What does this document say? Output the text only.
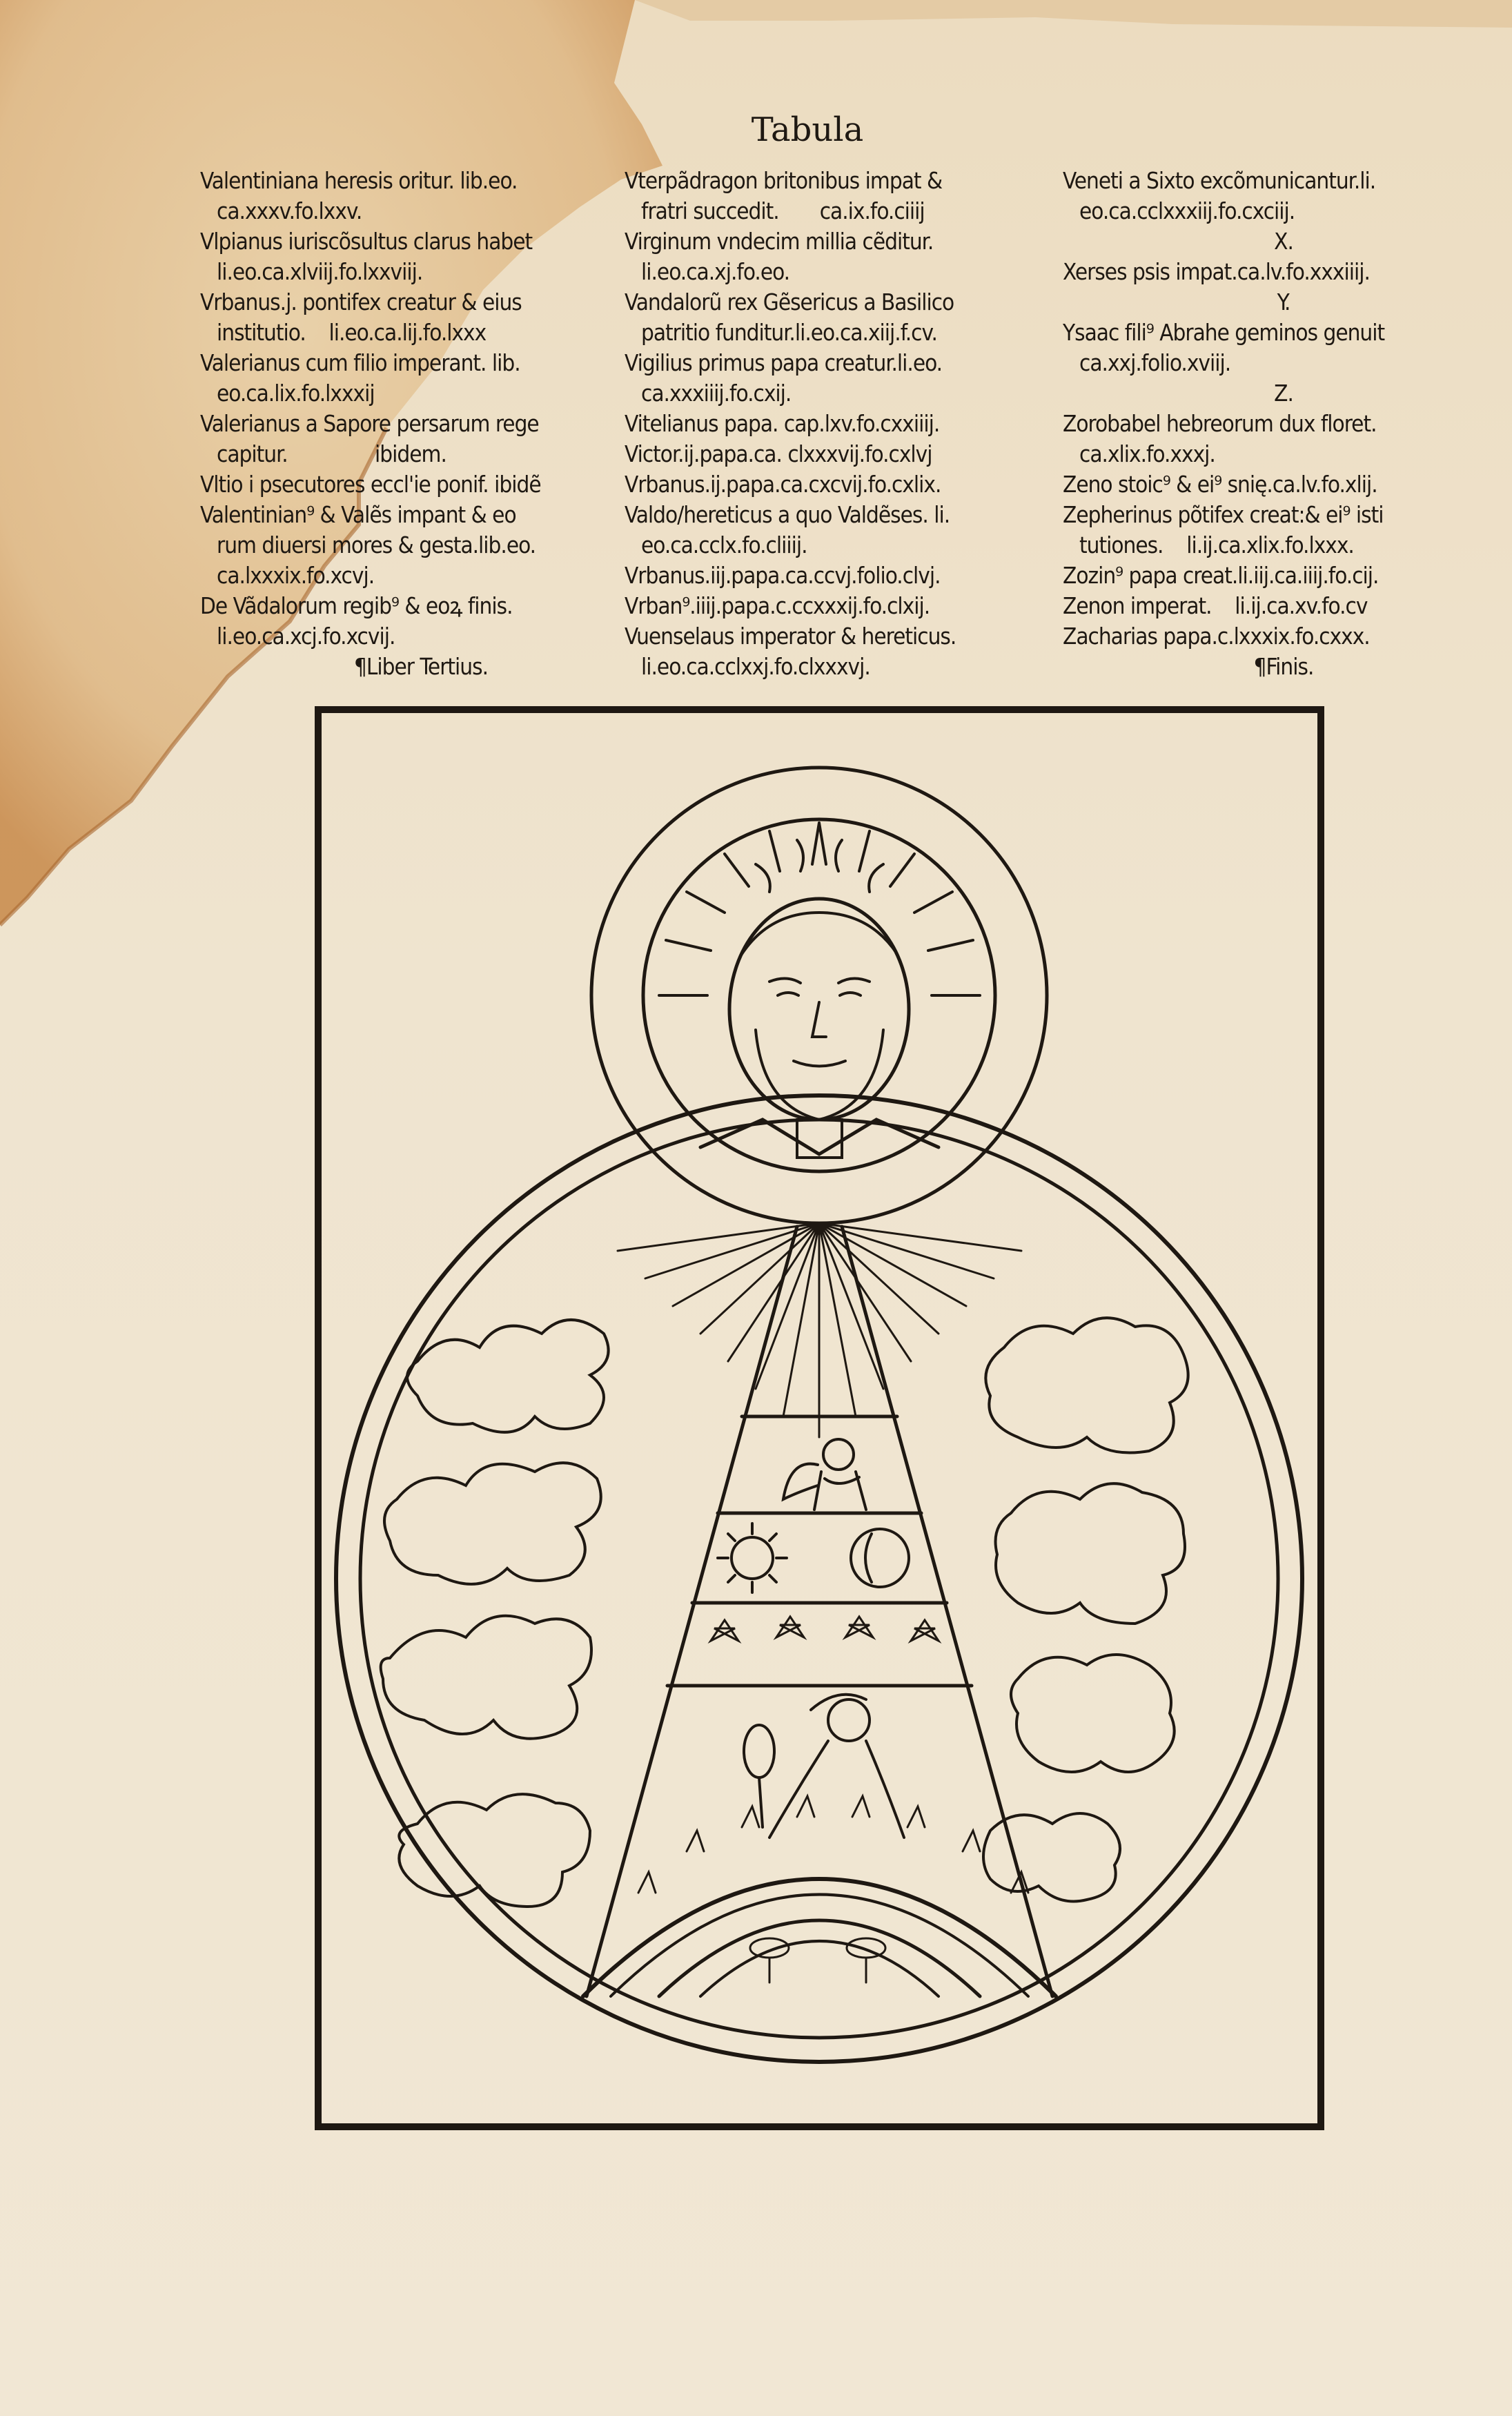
Tabula

Valentiniana heresis oritur. lib.eo.

ca.xxxv.fo.lxxv.

Vlpianus iuriscõsultus clarus habet

li.eo.ca.xlviij.fo.lxxviij.

Vrbanus.j. pontifex creatur & eius

institutio.    li.eo.ca.lij.fo.lxxx

Valerianus cum filio imperant. lib.

eo.ca.lix.fo.lxxxij

Valerianus a Sapore persarum rege

capitur.               ibidem.

Vltio i psecutores eccl'ie ponif. ibidẽ

Valentinian⁹ & Valẽs impant & eo

rum diuersi mores & gesta.lib.eo.

ca.lxxxix.fo.xcvj.

De Vãdalorum regib⁹ & eoꝝ finis.

li.eo.ca.xcj.fo.xcvij.

¶Liber Tertius.

Vterpãdragon britonibus impat &

fratri succedit.       ca.ix.fo.ciiij

Virginum vndecim millia cẽditur.

li.eo.ca.xj.fo.eo.

Vandalorũ rex Gẽsericus a Basilico

patritio funditur.li.eo.ca.xiij.f.cv.

Vigilius primus papa creatur.li.eo.

ca.xxxiiij.fo.cxij.

Vitelianus papa. cap.lxv.fo.cxxiiij.

Victor.ij.papa.ca. clxxxvij.fo.cxlvj

Vrbanus.ij.papa.ca.cxcvij.fo.cxlix.

Valdo/hereticus a quo Valdẽses. li.

eo.ca.cclx.fo.cliiij.

Vrbanus.iij.papa.ca.ccvj.folio.clvj.

Vrban⁹.iiij.papa.c.ccxxxij.fo.clxij.

Vuenselaus imperator & hereticus.

li.eo.ca.cclxxj.fo.clxxxvj.

Veneti a Sixto excõmunicantur.li.

eo.ca.cclxxxiij.fo.cxciij.

X.

Xerses psis impat.ca.lv.fo.xxxiiij.

Y.

Ysaac fili⁹ Abrahe geminos genuit

ca.xxj.folio.xviij.

Z.

Zorobabel hebreorum dux floret.

ca.xlix.fo.xxxj.

Zeno stoic⁹ & ei⁹ snię.ca.lv.fo.xlij.

Zepherinus põtifex creat:& ei⁹ isti

tutiones.    li.ij.ca.xlix.fo.lxxx.

Zozin⁹ papa creat.li.iij.ca.iiij.fo.cij.

Zenon imperat.    li.ij.ca.xv.fo.cv

Zacharias papa.c.lxxxix.fo.cxxx.

¶Finis.
